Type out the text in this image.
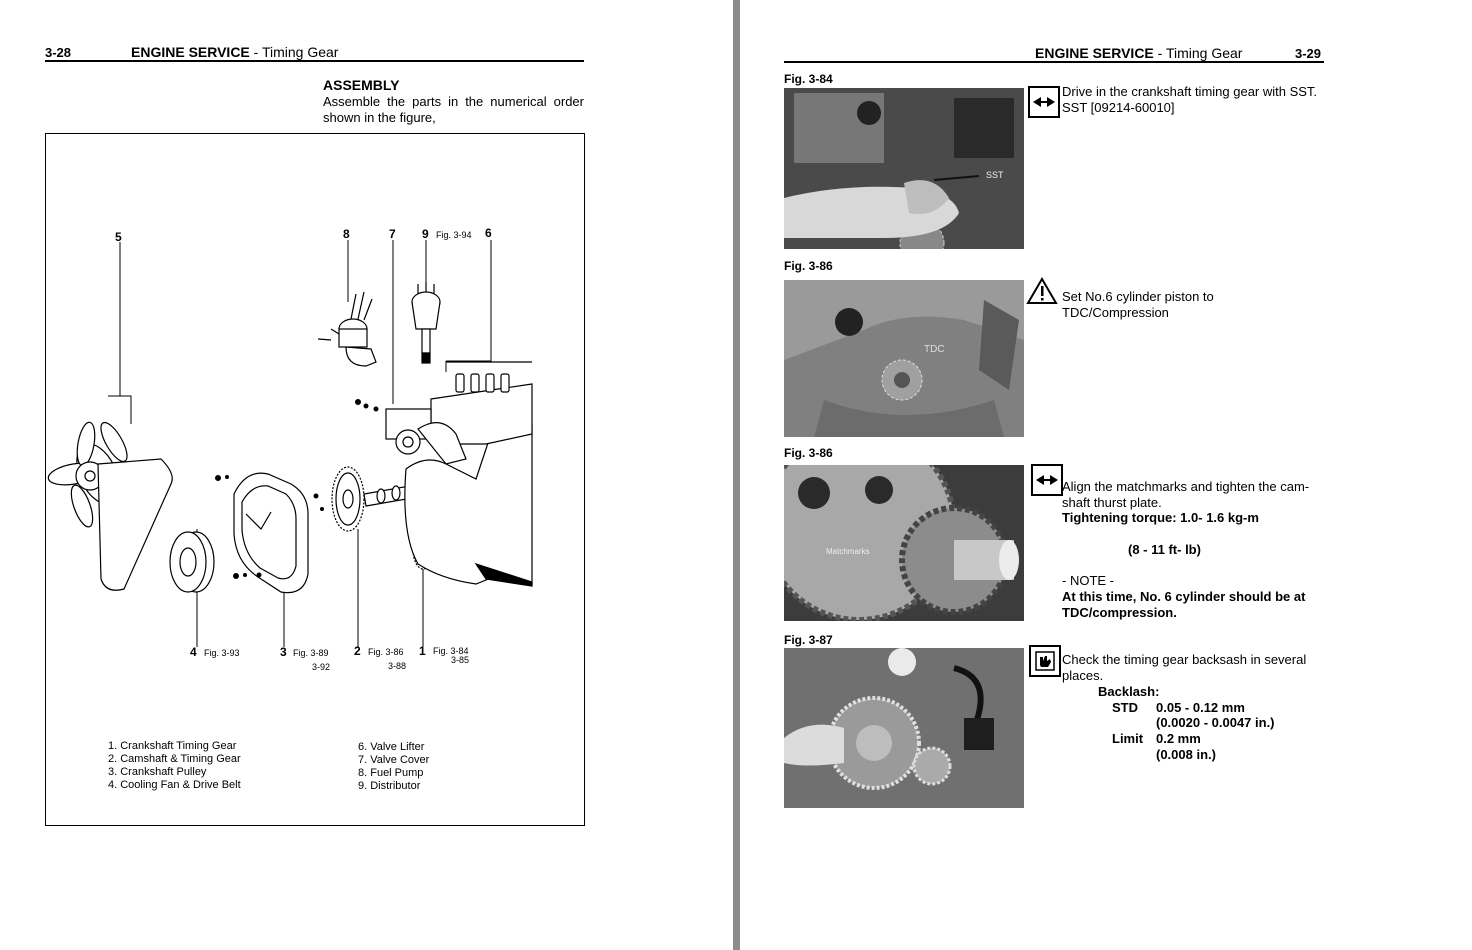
3-28	ENGINE SERVICE - Timing Gear
ASSEMBLY
Assemble the parts in the numerical order shown in the figure,
5	8	7 9 Fig. 3-94 6
4 Fig. 3-93	3 Fig. 3-89
3-92
2 Fig. 3-86
3-88
1 Fig. 3-84
3-85
1. Crankshaft Timing Gear
2. Camshaft & Timing Gear
3. Crankshaft Pulley
4. Cooling Fan & Drive Belt
6. Valve Lifter
7. Valve Cover
8. Fuel Pump
9. Distributor
ENGINE SERVICE - Timing Gear	3-29
Fig. 3-84
SST
Drive in the crankshaft timing gear with SST.
SST [09214-60010]
Fig. 3-86
TDC
Set No.6 cylinder piston to TDC/Compression
Fig. 3-86
Matchmarks
Align the matchmarks and tighten the cam-
shaft thurst plate.
Tightening torque: 1.0- 1.6 kg-m
(8 - 11 ft- lb)
- NOTE -
At this time, No. 6 cylinder should be at
TDC/compression.
Fig. 3-87
Check the timing gear backsash in several
places.
Backlash:
STD 0.05 - 0.12 mm
(0.0020 - 0.0047 in.)
Limit 0.2 mm
(0.008 in.)
